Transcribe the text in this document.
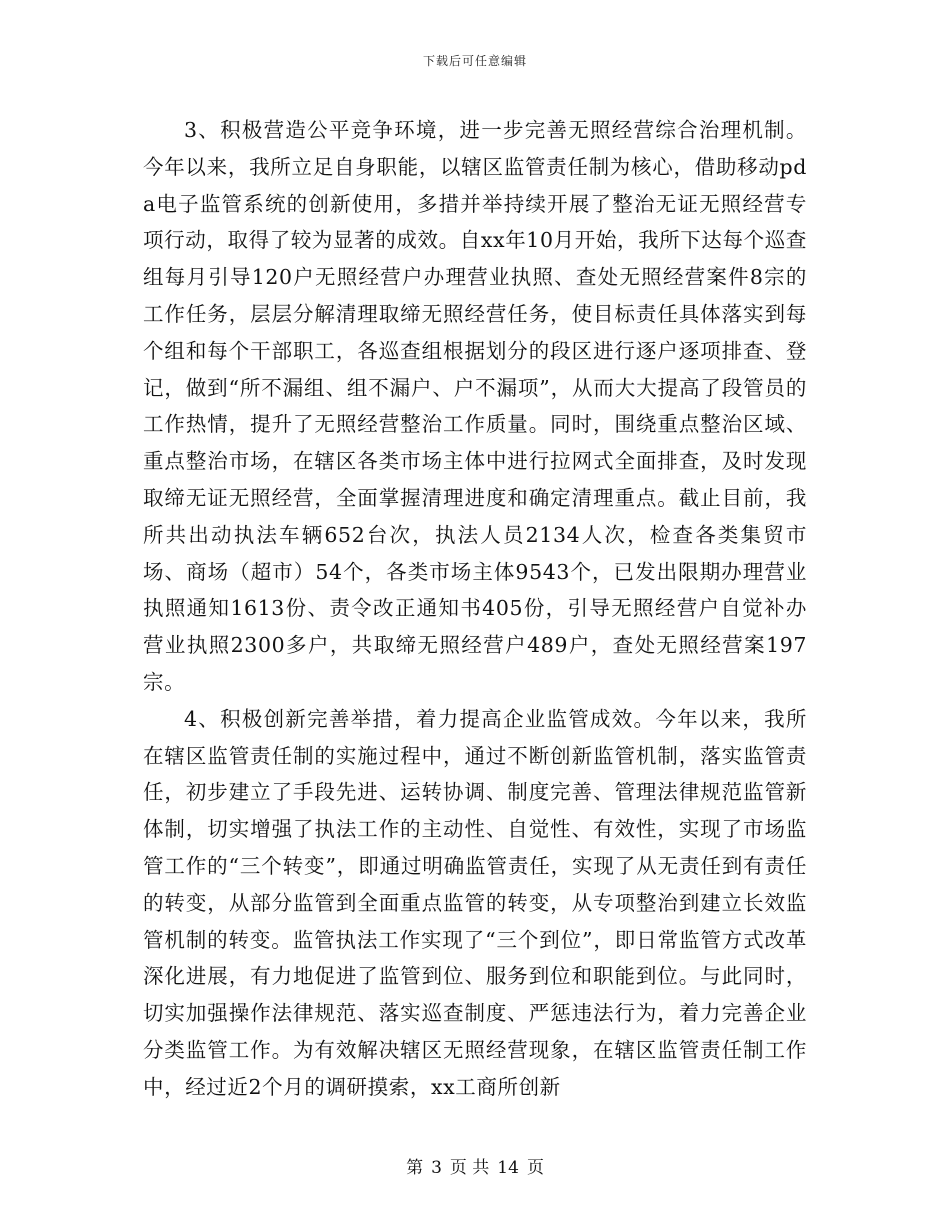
下载后可任意编辑

3、积极营造公平竞争环境，进一步完善无照经营综合治理机制。今年以来，我所立足自身职能，以辖区监管责任制为核心，借助移动pda电子监管系统的创新使用，多措并举持续开展了整治无证无照经营专项行动，取得了较为显著的成效。自xx年10月开始，我所下达每个巡查组每月引导120户无照经营户办理营业执照、查处无照经营案件8宗的工作任务，层层分解清理取缔无照经营任务，使目标责任具体落实到每个组和每个干部职工，各巡查组根据划分的段区进行逐户逐项排查、登记，做到“所不漏组、组不漏户、户不漏项”，从而大大提高了段管员的工作热情，提升了无照经营整治工作质量。同时，围绕重点整治区域、重点整治市场，在辖区各类市场主体中进行拉网式全面排查，及时发现取缔无证无照经营，全面掌握清理进度和确定清理重点。截止目前，我所共出动执法车辆652台次，执法人员2134人次，检查各类集贸市场、商场（超市）54个，各类市场主体9543个，已发出限期办理营业执照通知1613份、责令改正通知书405份，引导无照经营户自觉补办营业执照2300多户，共取缔无照经营户489户，查处无照经营案197宗。

4、积极创新完善举措，着力提高企业监管成效。今年以来，我所在辖区监管责任制的实施过程中，通过不断创新监管机制，落实监管责任，初步建立了手段先进、运转协调、制度完善、管理法律规范监管新体制，切实增强了执法工作的主动性、自觉性、有效性，实现了市场监管工作的“三个转变”，即通过明确监管责任，实现了从无责任到有责任的转变，从部分监管到全面重点监管的转变，从专项整治到建立长效监管机制的转变。监管执法工作实现了“三个到位”，即日常监管方式改革深化进展，有力地促进了监管到位、服务到位和职能到位。与此同时，切实加强操作法律规范、落实巡查制度、严惩违法行为，着力完善企业分类监管工作。为有效解决辖区无照经营现象，在辖区监管责任制工作中，经过近2个月的调研摸索，xx工商所创新

第 3 页 共 14 页
